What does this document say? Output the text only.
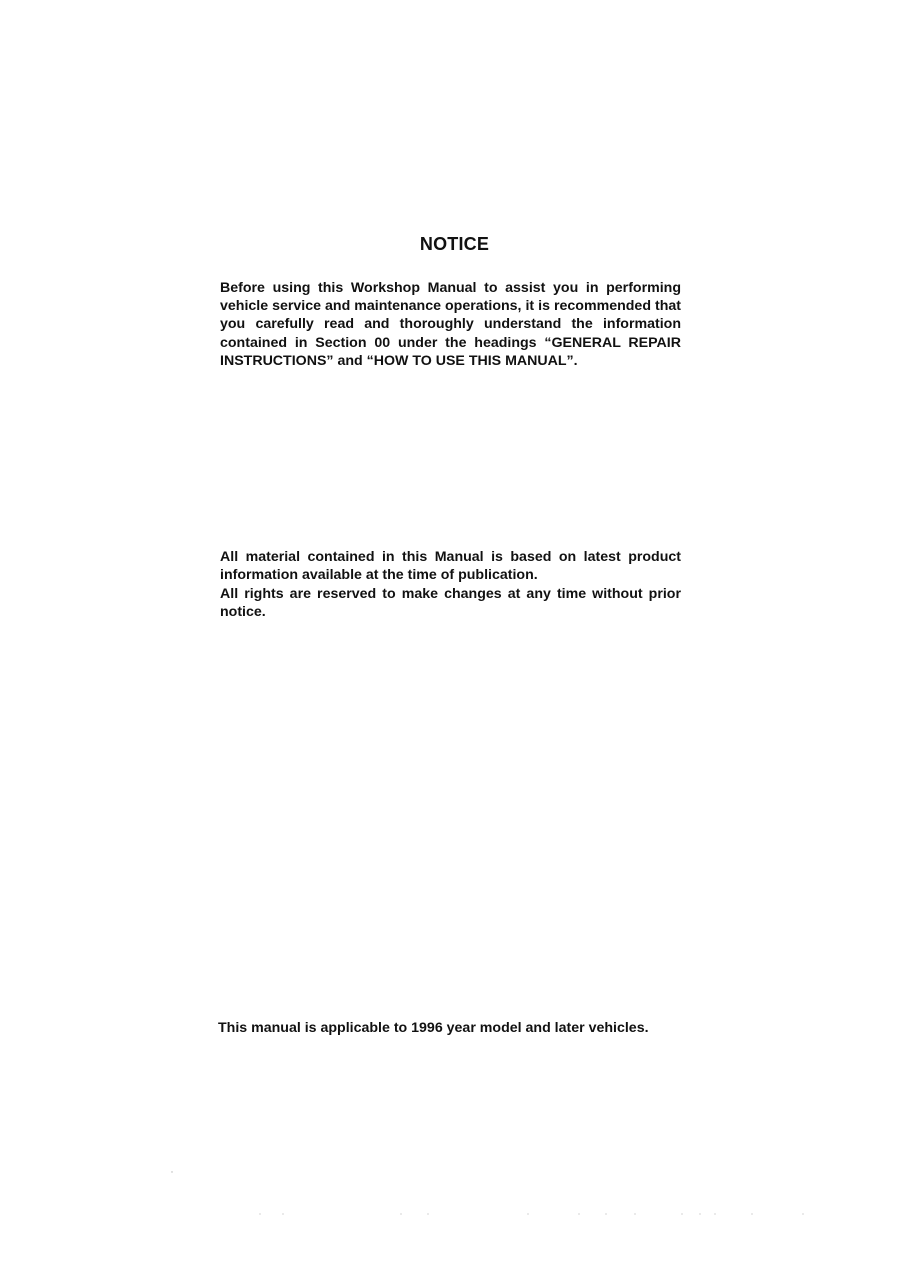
NOTICE

Before using this Workshop Manual to assist you in performing vehicle service and maintenance operations, it is recommended that you carefully read and thoroughly understand the information contained in Section 00 under the headings “GENERAL REPAIR INSTRUCTIONS” and “HOW TO USE THIS MANUAL”.

All material contained in this Manual is based on latest product information available at the time of publication.

All rights are reserved to make changes at any time without prior notice.

This manual is applicable to 1996 year model and later vehicles.
